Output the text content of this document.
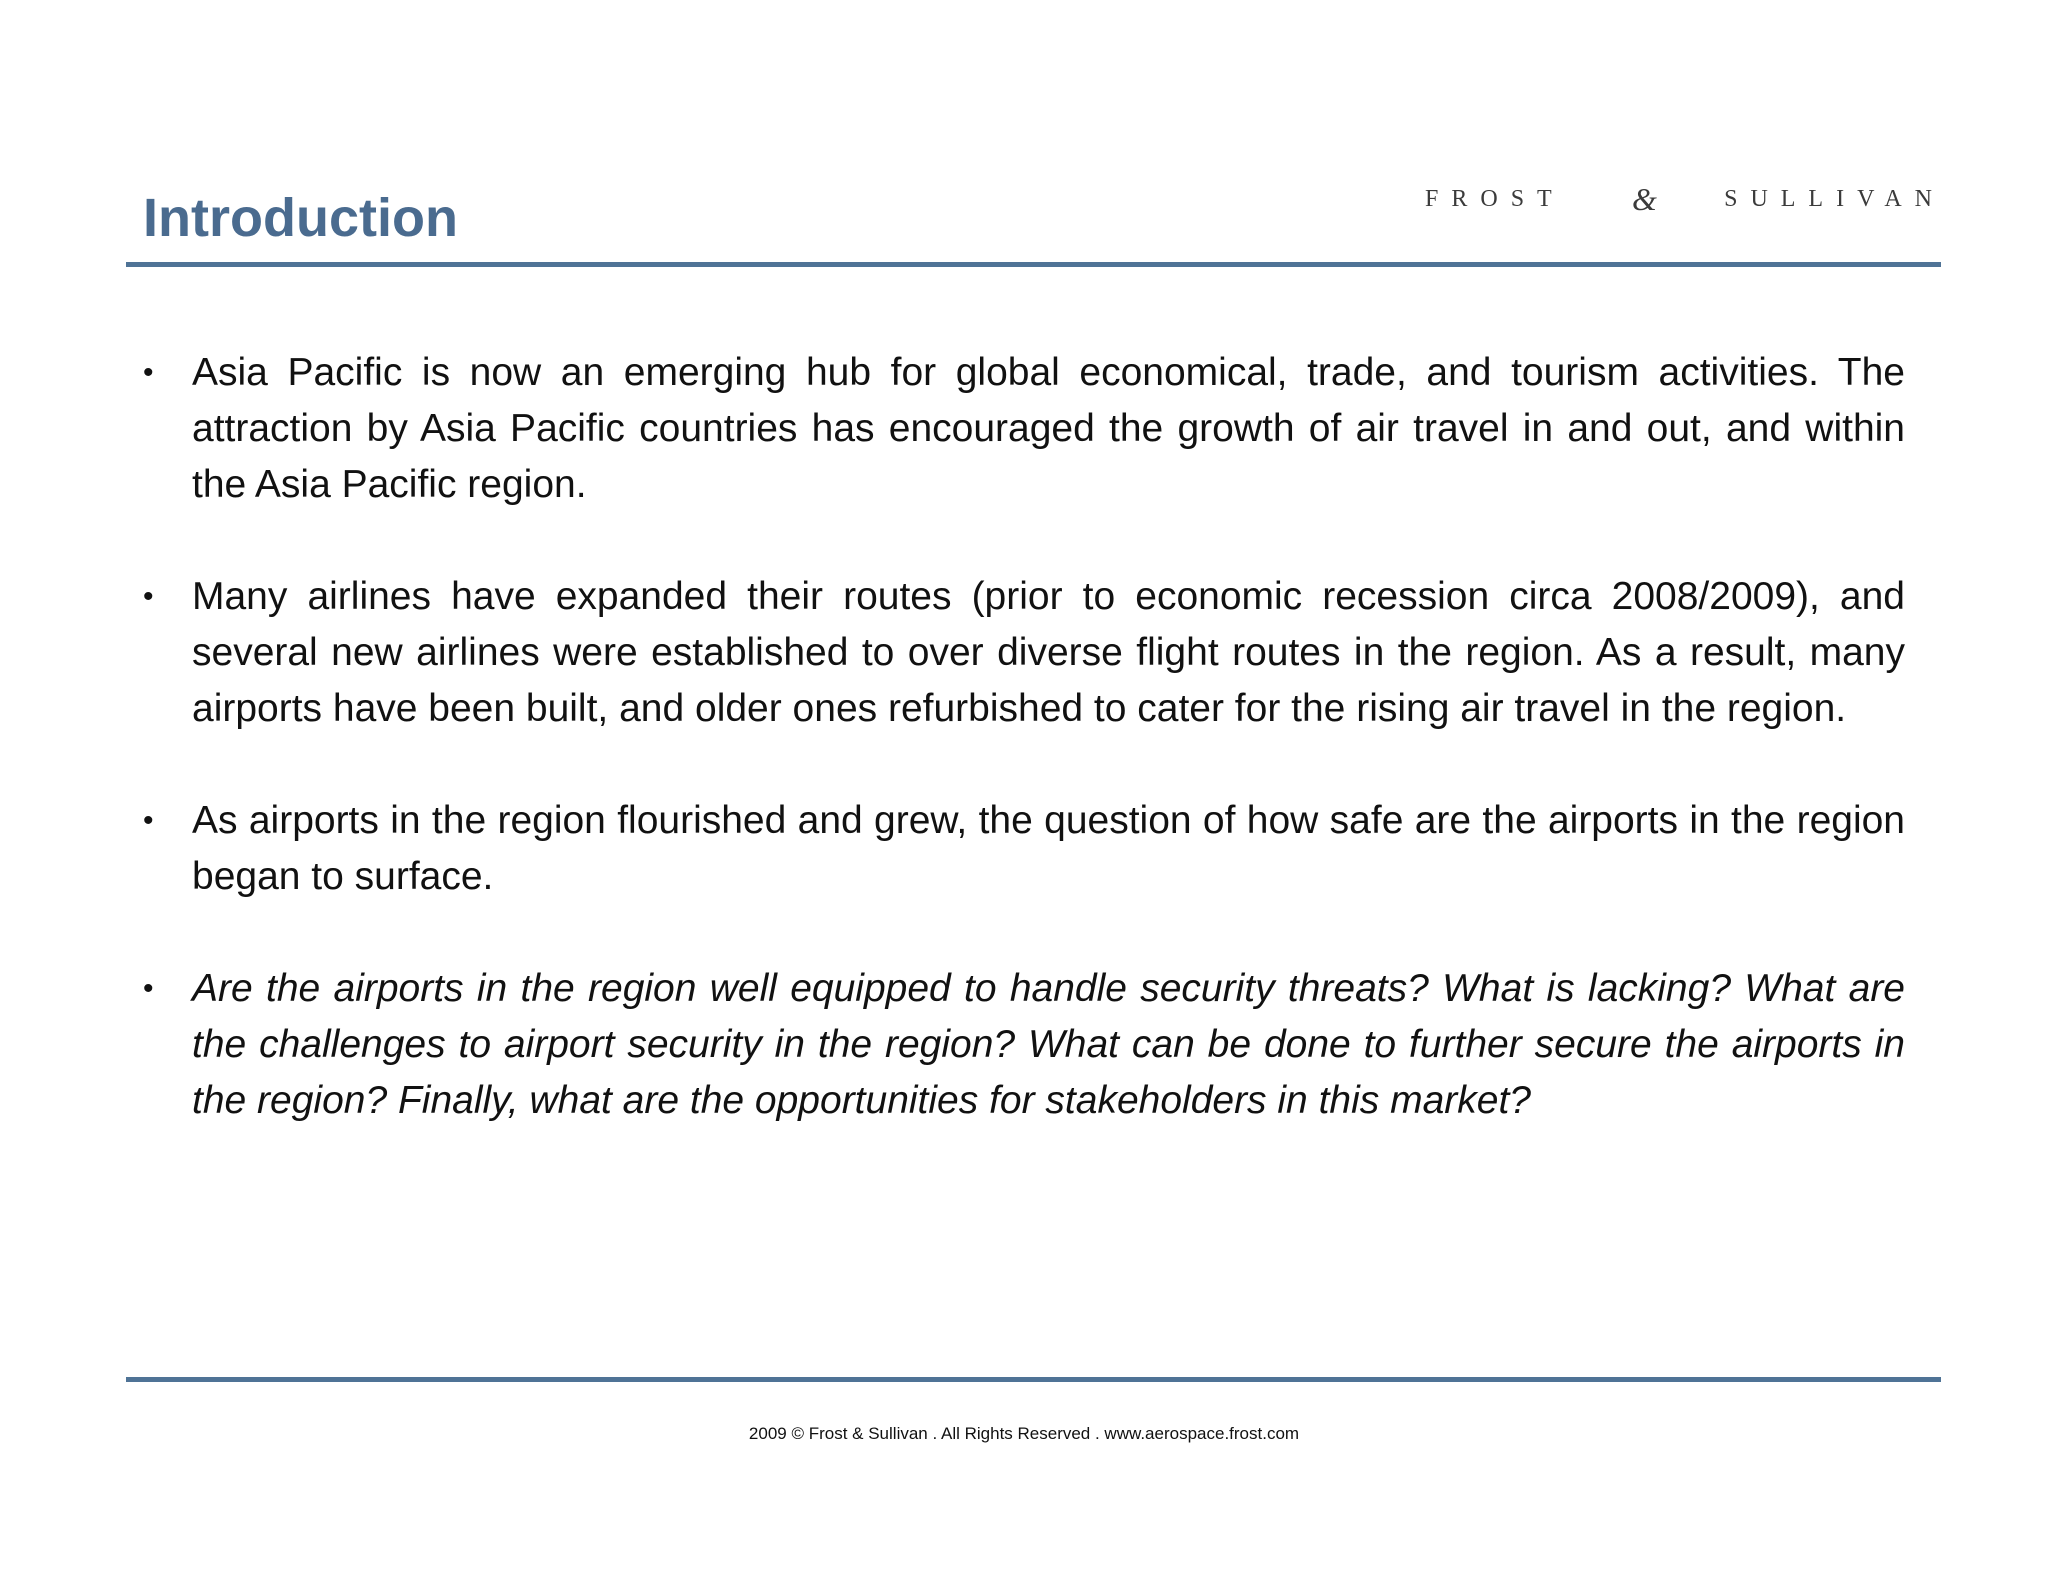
Introduction	FROST &	SULLIVAN
• Asia Pacific is now an emerging hub for global economical, trade, and tourism activities. The attraction by Asia Pacific countries has encouraged the growth of air travel in and out, and within the Asia Pacific region.
• Many airlines have expanded their routes (prior to economic recession circa 2008/2009), and several new airlines were established to over diverse flight routes in the region. As a result, many airports have been built, and older ones refurbished to cater for the rising air travel in the region.
• As airports in the region flourished and grew, the question of how safe are the airports in the region began to surface.
• Are the airports in the region well equipped to handle security threats? What is lacking? What are the challenges to airport security in the region? What can be done to further secure the airports in the region? Finally, what are the opportunities for stakeholders in this market?
2009 © Frost & Sullivan . All Rights Reserved . www.aerospace.frost.com
